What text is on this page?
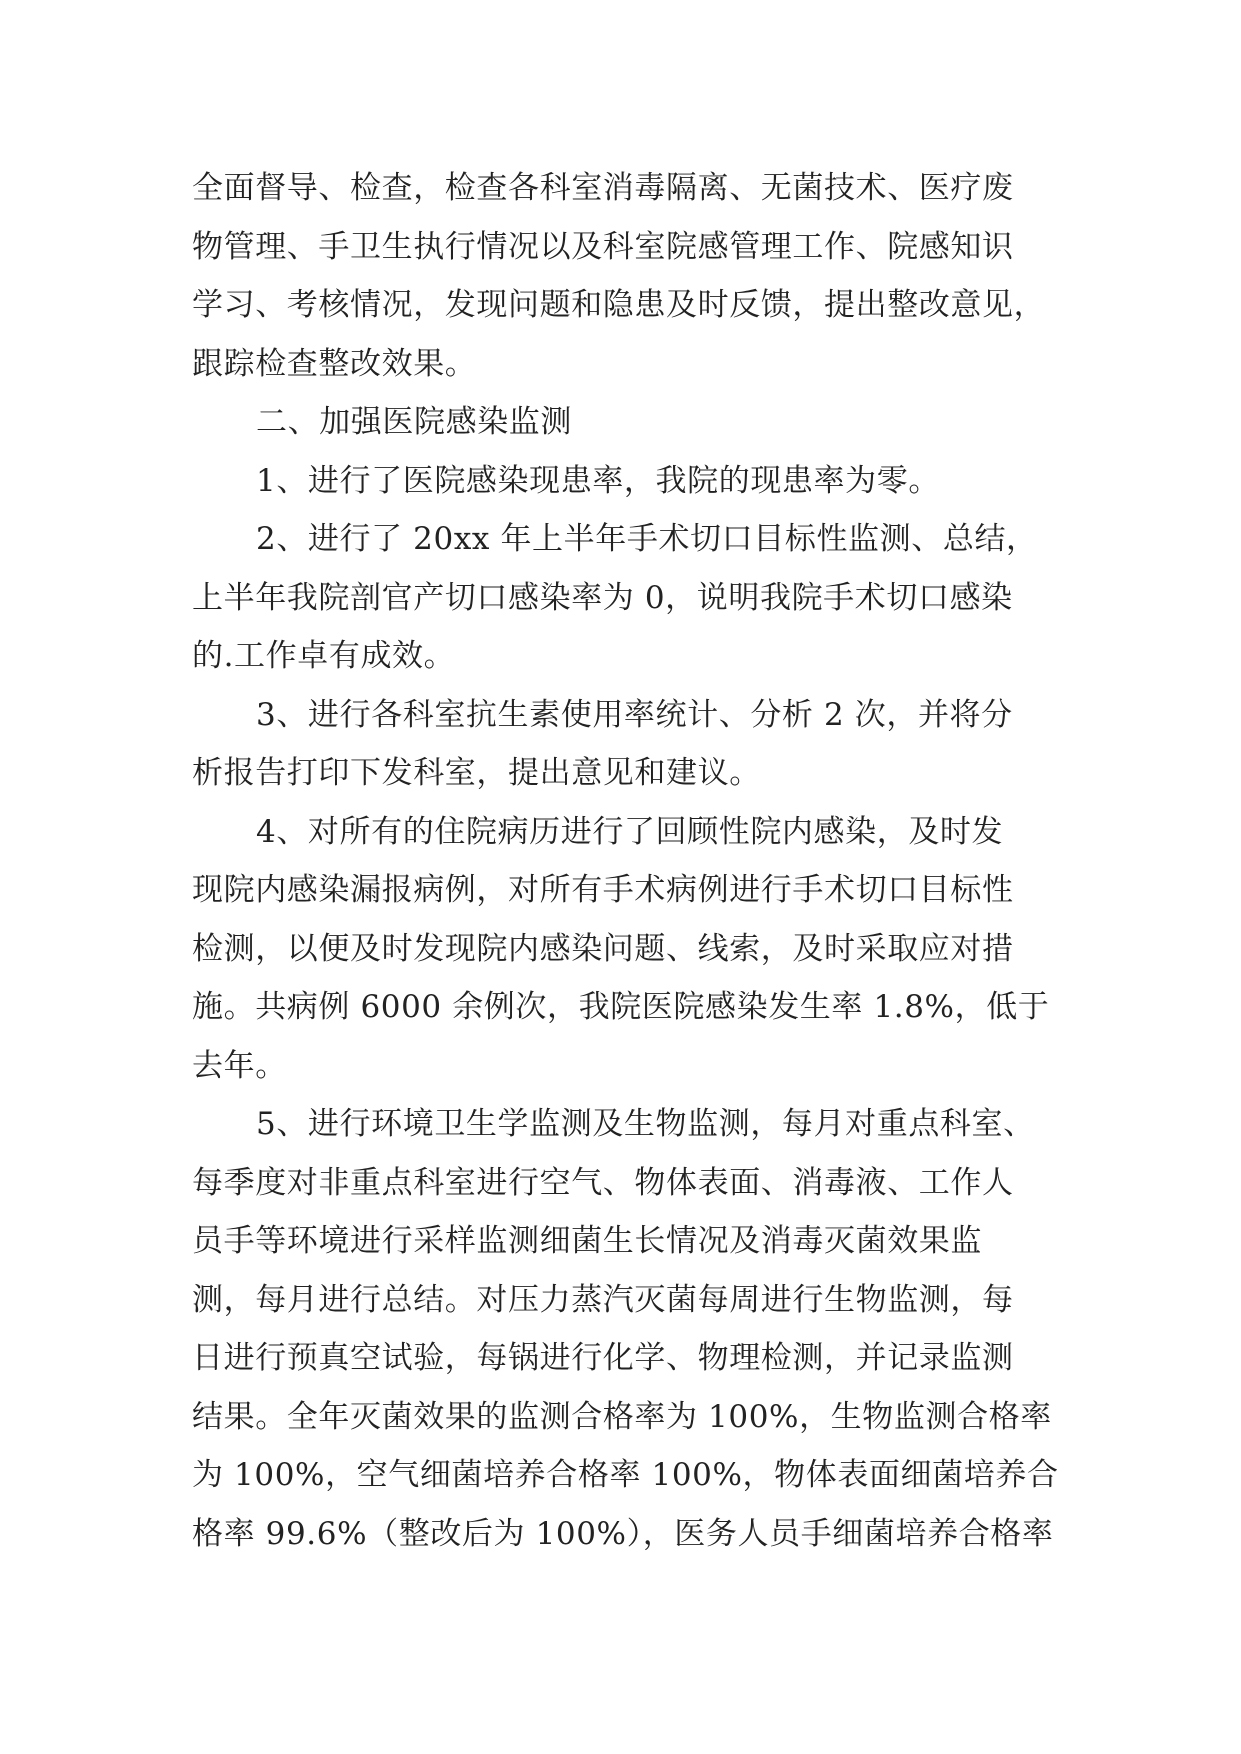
全面督导、检查，检查各科室消毒隔离、无菌技术、医疗废
物管理、手卫生执行情况以及科室院感管理工作、院感知识
学习、考核情况，发现问题和隐患及时反馈，提出整改意见，
跟踪检查整改效果。
二、加强医院感染监测
1、进行了医院感染现患率，我院的现患率为零。
2、进行了 20xx 年上半年手术切口目标性监测、总结，
上半年我院剖官产切口感染率为 0，说明我院手术切口感染
的.工作卓有成效。
3、进行各科室抗生素使用率统计、分析 2 次，并将分
析报告打印下发科室，提出意见和建议。
4、对所有的住院病历进行了回顾性院内感染，及时发
现院内感染漏报病例，对所有手术病例进行手术切口目标性
检测，以便及时发现院内感染问题、线索，及时采取应对措
施。共病例 6000 余例次，我院医院感染发生率 1.8%，低于
去年。
5、进行环境卫生学监测及生物监测，每月对重点科室、
每季度对非重点科室进行空气、物体表面、消毒液、工作人
员手等环境进行采样监测细菌生长情况及消毒灭菌效果监
测，每月进行总结。对压力蒸汽灭菌每周进行生物监测，每
日进行预真空试验，每锅进行化学、物理检测，并记录监测
结果。全年灭菌效果的监测合格率为 100%，生物监测合格率
为 100%，空气细菌培养合格率 100%，物体表面细菌培养合
格率 99.6%（整改后为 100%），医务人员手细菌培养合格率
